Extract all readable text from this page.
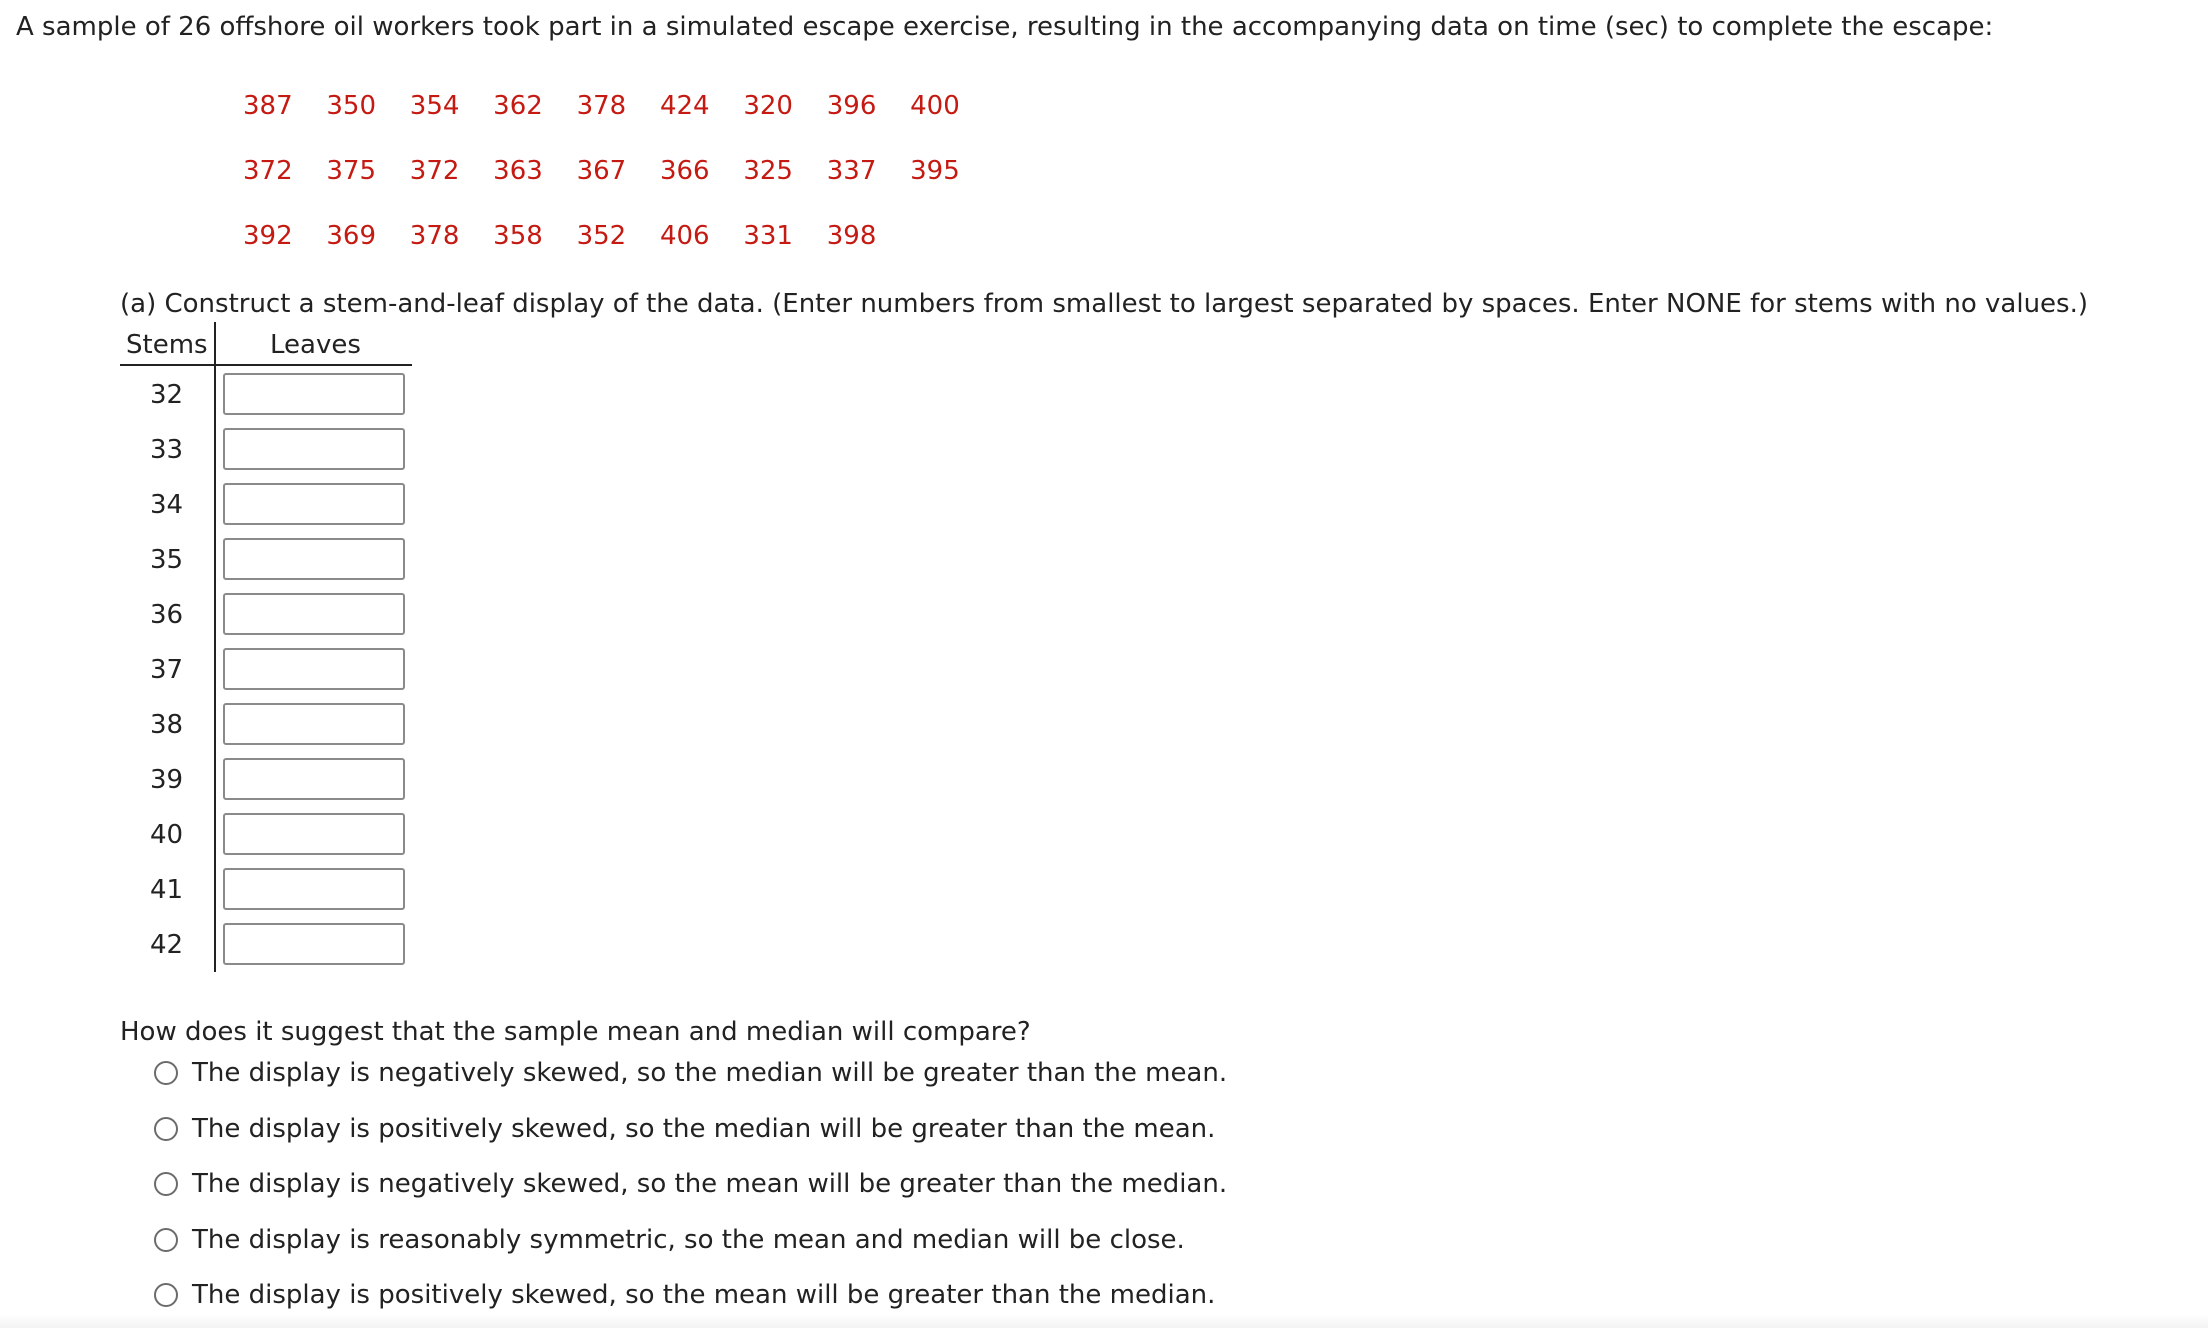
A sample of 26 offshore oil workers took part in a simulated escape exercise, resulting in the accompanying data on time (sec) to complete the escape:
387	350	354	362	378	424	320	396	400
372	375	372	363	367	366	325	337	395
392	369	378	358	352	406	331	398
(a) Construct a stem-and-leaf display of the data. (Enter numbers from smallest to largest separated by spaces. Enter NONE for stems with no values.)
Stems Leaves
32
33
34
35
36
37
38
39
40
41
42
How does it suggest that the sample mean and median will compare?
The display is negatively skewed, so the median will be greater than the mean.
The display is positively skewed, so the median will be greater than the mean.
The display is negatively skewed, so the mean will be greater than the median.
The display is reasonably symmetric, so the mean and median will be close.
The display is positively skewed, so the mean will be greater than the median.
